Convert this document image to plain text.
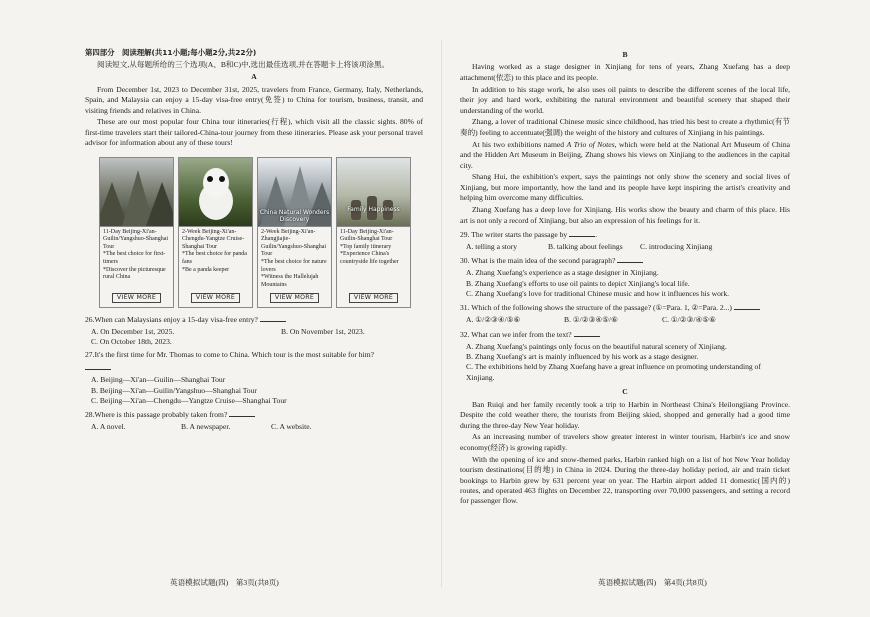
第四部分　阅读理解(共11小题;每小题2分,共22分)

阅读短文,从每题所给的三个选项(A、B和C)中,选出最佳选项,并在答题卡上将该项涂黑。

A

From December 1st, 2023 to December 31st, 2025, travelers from France, Germany, Italy, Netherlands, Spain, and Malaysia can enjoy a 15-day visa-free entry(免签) to China for tourism, business, transit, and visiting friends and relatives in China.

These are our most popular four China tour itineraries(行程), which visit all the classic sights. 80% of first-time travelers start their tailored-China-tour journey from these itineraries. Please ask your personal travel advisor for information about any of these tours!

11-Day Beijing-Xi'an-Guilin/Yangshuo-Shanghai Tour
*The best choice for first-timers
*Discover the picturesque rural China
VIEW MORE
2-Week Beijing-Xi'an-Chengdu-Yangtze Cruise-Shanghai Tour
*The best choice for panda fans
*Be a panda keeper
VIEW MORE
China Natural Wonders Discovery
2-Week Beijing-Xi'an-Zhangjiajie-Guilin/Yangshuo-Shanghai Tour
*The best choice for nature lovers
*Witness the Hallelujah Mountains
VIEW MORE
Family Happiness
11-Day Beijing-Xi'an-Guilin-Shanghai Tour
*Top family itinerary
*Experience China's countryside life together
VIEW MORE

26.When can Malaysians enjoy a 15-day visa-free entry?

A. On December 1st, 2025.	B. On November 1st, 2023.
C. On October 18th, 2023.

27.It's the first time for Mr. Thomas to come to China. Which tour is the most suitable for him?

A. Beijing—Xi'an—Guilin—Shanghai Tour
B. Beijing—Xi'an—Guilin/Yangshuo—Shanghai Tour
C. Beijing—Xi'an—Chengdu—Yangtze Cruise—Shanghai Tour

28.Where is this passage probably taken from?

A. A novel.	B. A newspaper.	C. A website.

B

Having worked as a stage designer in Xinjiang for tens of years, Zhang Xuefang has a deep attachment(依恋) to this place and its people.

In addition to his stage work, he also uses oil paints to describe the different scenes of the local life, their joy and hard work, exhibiting the natural environment and beautiful scenery that shaped their understanding of the world.

Zhang, a lover of traditional Chinese music since childhood, has tried his best to create a rhythmic(有节奏的) feeling to accentuate(强调) the weight of the history and cultures of Xinjiang in his paintings.

At his two exhibitions named A Trio of Notes, which were held at the National Art Museum of China and the Hidden Art Museum in Beijing, Zhang shows his views on Xinjiang to the audiences in the capital city.

Shang Hui, the exhibition's expert, says the paintings not only show the scenery and social lives of Xinjiang, but more importantly, how the land and its people have kept inspiring the artist's creativity and helping him overcome many difficulties.

Zhang Xuefang has a deep love for Xinjiang. His works show the beauty and charm of this place. His art is not only a record of Xinjiang, but also an expression of his feelings for it.

29. The writer starts the passage by	.

A. telling a story	B. talking about feelings	C. introducing Xinjiang

30. What is the main idea of the second paragraph?

A. Zhang Xuefang's experience as a stage designer in Xinjiang.
B. Zhang Xuefang's efforts to use oil paints to depict Xinjiang's local life.
C. Zhang Xuefang's love for traditional Chinese music and how it influences his work.

31. Which of the following shows the structure of the passage? (①=Para. 1, ②=Para. 2...)

A. ①/②③④/⑤⑥	B. ①/②③④⑤/⑥	C. ①/②③/④⑤⑥

32. What can we infer from the text?

A. Zhang Xuefang's paintings only focus on the beautiful natural scenery of Xinjiang.
B. Zhang Xuefang's art is mainly influenced by his work as a stage designer.
C. The exhibitions held by Zhang Xuefang have a great influence on promoting understanding of Xinjiang.

C

Ban Ruiqi and her family recently took a trip to Harbin in Northeast China's Heilongjiang Province. Despite the cold weather there, the tourists from Beijing skied, shopped and generally had a good time during the three-day New Year holiday.

As an increasing number of travelers show greater interest in winter tourism, Harbin's ice and snow economy(经济) is growing rapidly.

With the opening of ice and snow-themed parks, Harbin ranked high on a list of hot New Year holiday tourism destinations(目的地) in China in 2024. During the three-day holiday period, air and train ticket bookings to Harbin grew by 631 percent year on year. The Harbin airport added 11 domestic(国内的) routes, and operated 463 flights on December 22, transporting over 70,000 passengers, and setting a record for passenger flow.

英语模拟试题(四)　第3页(共8页)	英语模拟试题(四)　第4页(共8页)
